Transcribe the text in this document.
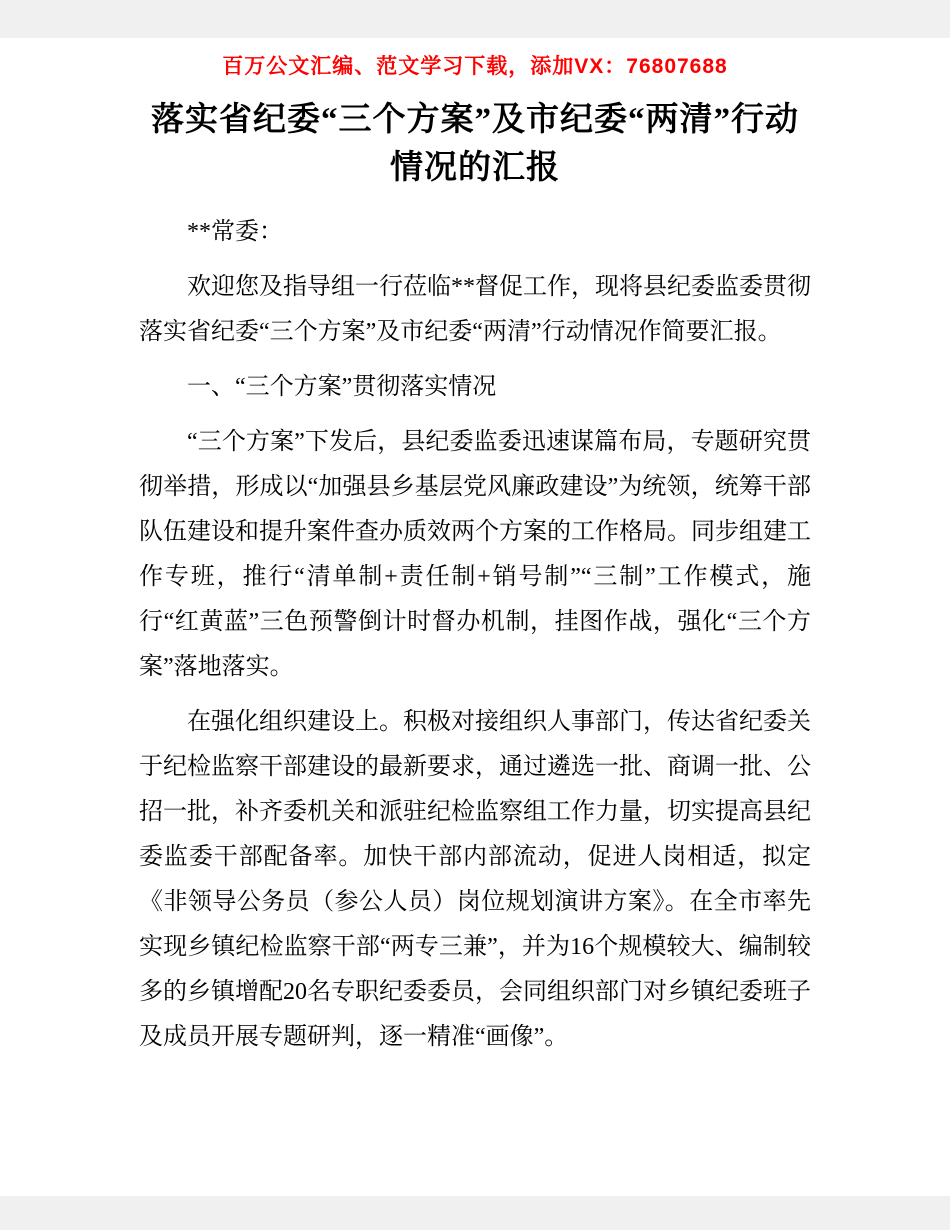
百万公文汇编、范文学习下载，添加VX：76807688
落实省纪委“三个方案”及市纪委“两清”行动情况的汇报

**常委：

欢迎您及指导组一行莅临**督促工作，现将县纪委监委贯彻落实省纪委“三个方案”及市纪委“两清”行动情况作简要汇报。

一、“三个方案”贯彻落实情况

“三个方案”下发后，县纪委监委迅速谋篇布局，专题研究贯彻举措，形成以“加强县乡基层党风廉政建设”为统领，统筹干部队伍建设和提升案件查办质效两个方案的工作格局。同步组建工作专班，推行“清单制+责任制+销号制”“三制”工作模式，施行“红黄蓝”三色预警倒计时督办机制，挂图作战，强化“三个方案”落地落实。

在强化组织建设上。积极对接组织人事部门，传达省纪委关于纪检监察干部建设的最新要求，通过遴选一批、商调一批、公招一批，补齐委机关和派驻纪检监察组工作力量，切实提高县纪委监委干部配备率。加快干部内部流动，促进人岗相适，拟定《非领导公务员（参公人员）岗位规划演讲方案》。在全市率先实现乡镇纪检监察干部“两专三兼”，并为16个规模较大、编制较多的乡镇增配20名专职纪委委员，会同组织部门对乡镇纪委班子及成员开展专题研判，逐一精准“画像”。
